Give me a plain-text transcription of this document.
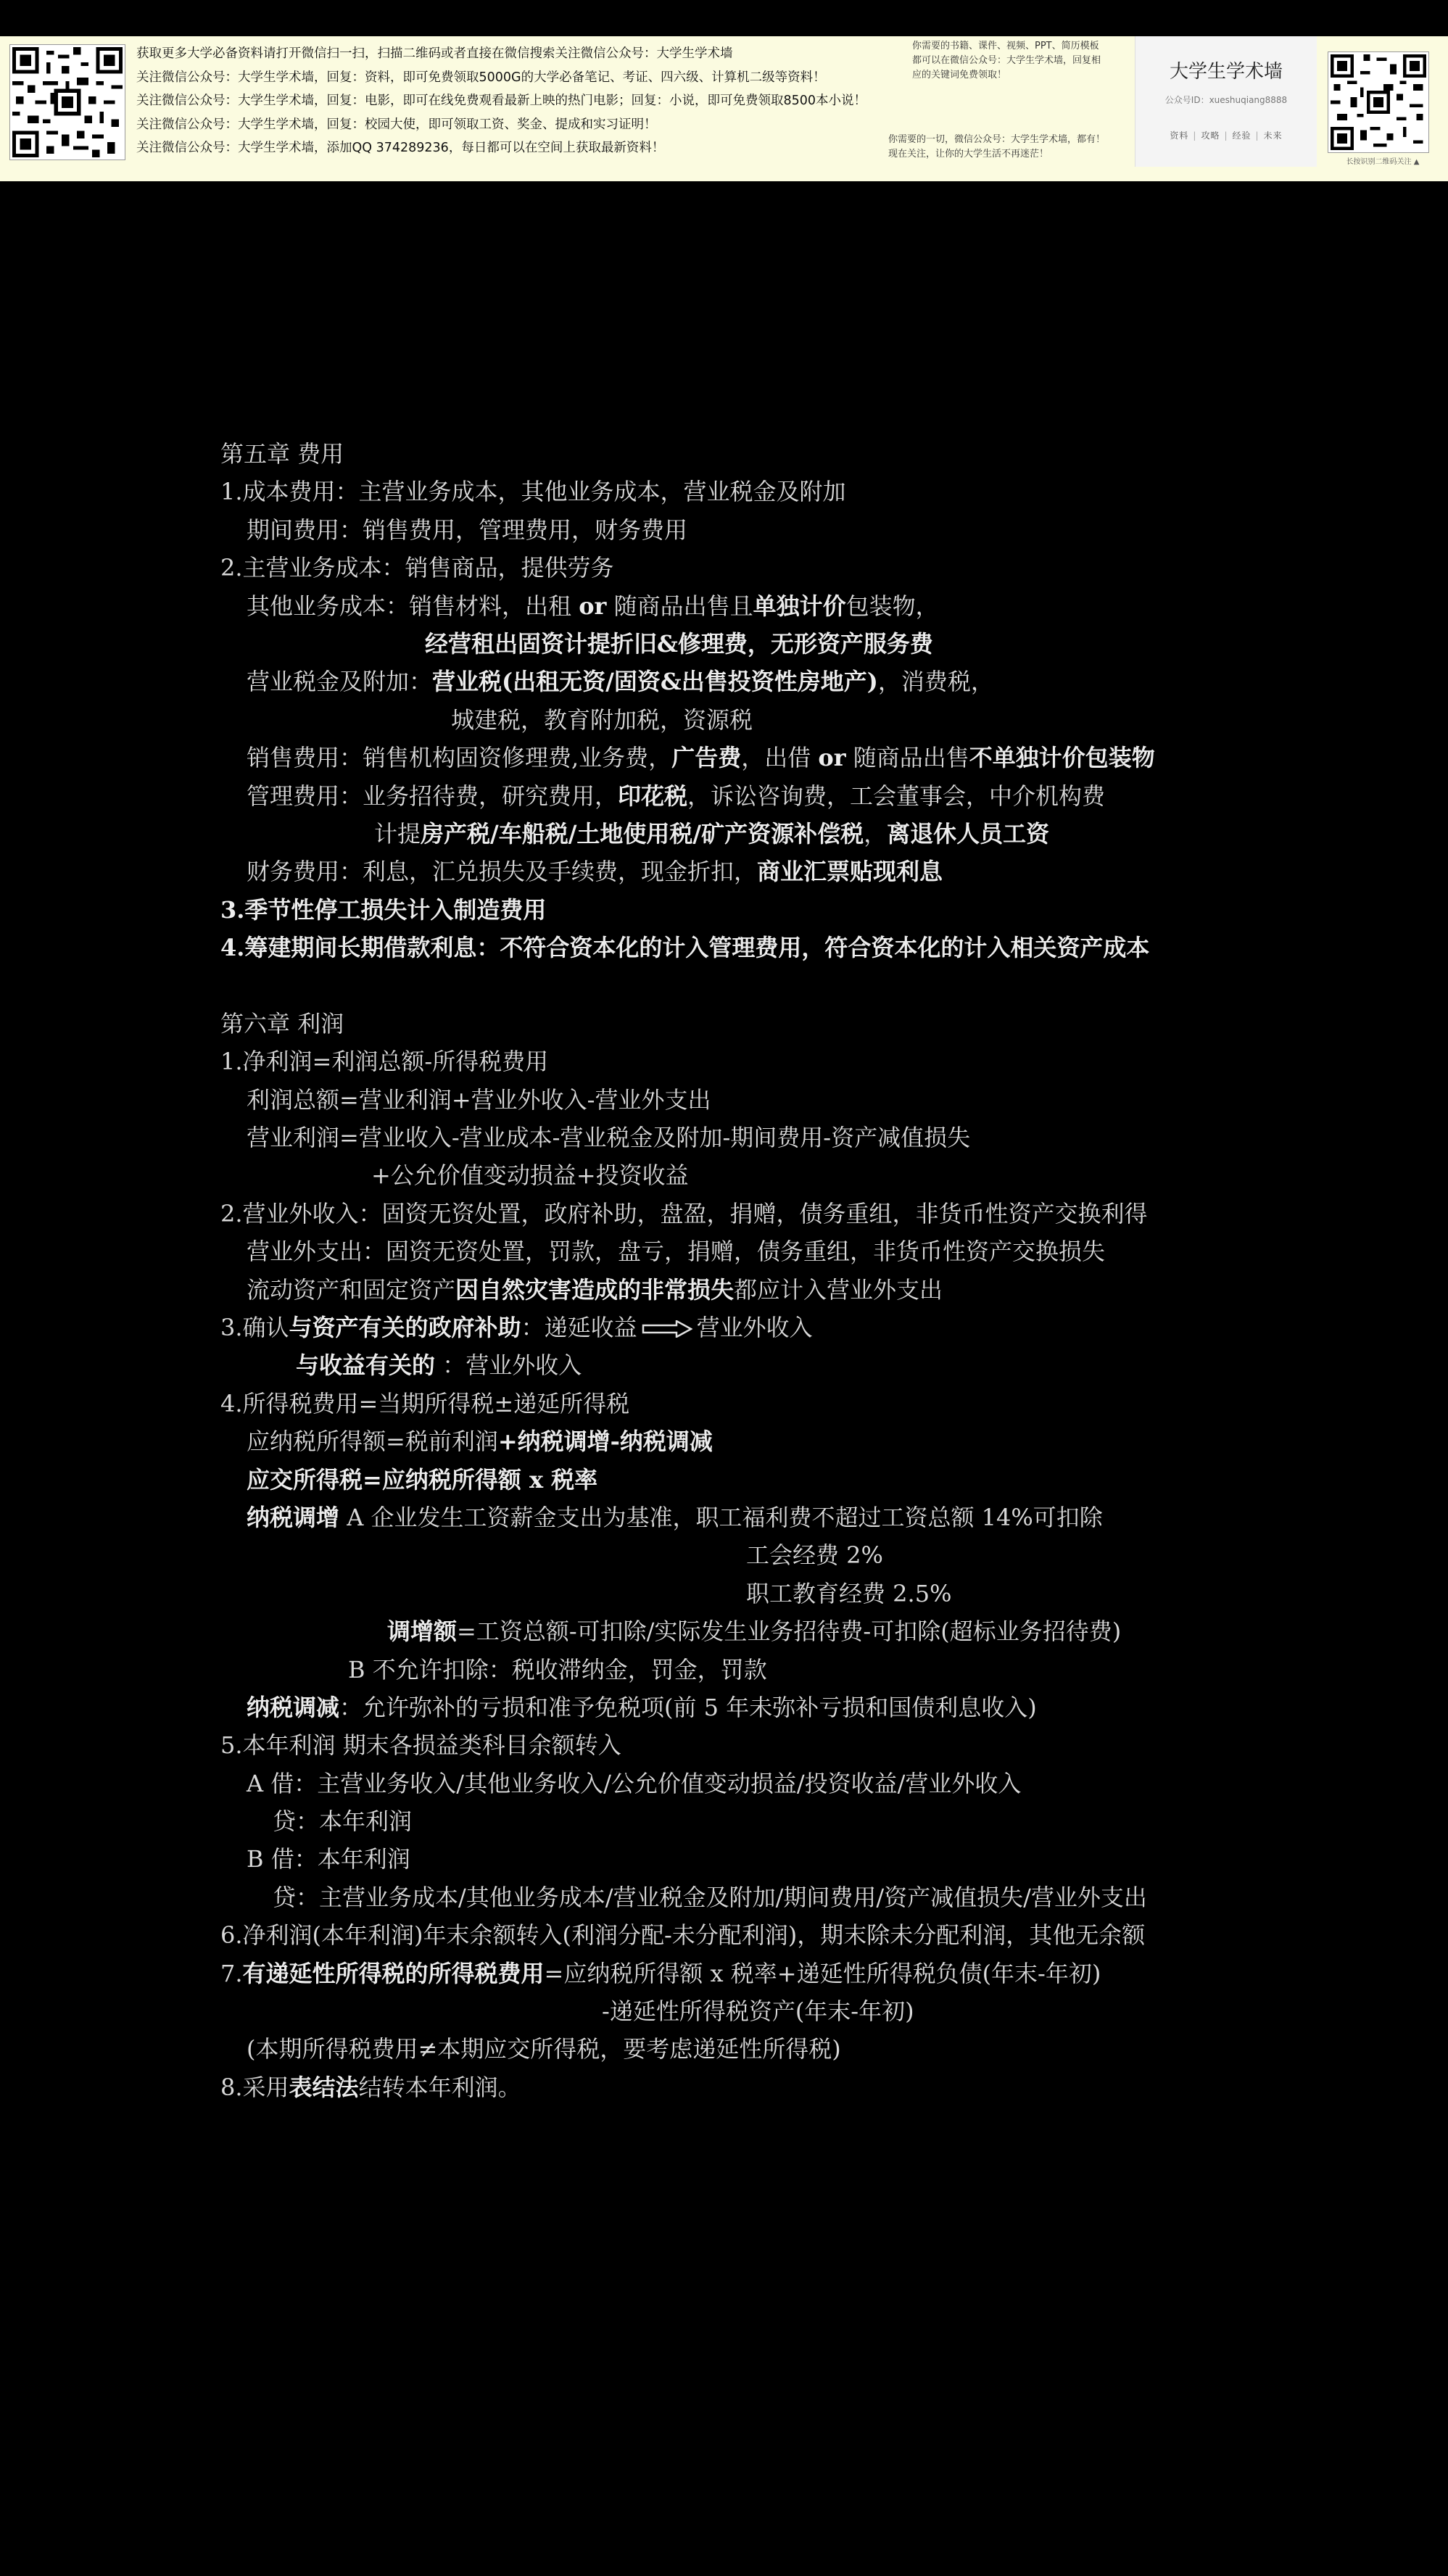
获取更多大学必备资料请打开微信扫一扫，扫描二维码或者直接在微信搜索关注微信公众号：大学生学术墙
关注微信公众号：大学生学术墙，回复：资料，即可免费领取5000G的大学必备笔记、考证、四六级、计算机二级等资料！
关注微信公众号：大学生学术墙，回复：电影，即可在线免费观看最新上映的热门电影；回复：小说，即可免费领取8500本小说！
关注微信公众号：大学生学术墙，回复：校园大使，即可领取工资、奖金、提成和实习证明！
关注微信公众号：大学生学术墙，添加QQ 374289236，每日都可以在空间上获取最新资料！
你需要的书籍、课件、视频、PPT、简历模板
都可以在微信公众号：大学生学术墙，回复相
应的关键词免费领取！
你需要的一切，微信公众号：大学生学术墙，都有！
现在关注，让你的大学生活不再迷茫！
大学生学术墙
公众号ID：xueshuqiang8888
资料 | 攻略 | 经验 | 未来
长按识别二维码关注 ▲
第五章 费用
1.成本费用：主营业务成本，其他业务成本，营业税金及附加
期间费用：销售费用，管理费用，财务费用
2.主营业务成本：销售商品，提供劳务
其他业务成本：销售材料，出租 or 随商品出售且单独计价包装物，
经营租出固资计提折旧&修理费，无形资产服务费
营业税金及附加：营业税(出租无资/固资&出售投资性房地产)，消费税，
城建税，教育附加税，资源税
销售费用：销售机构固资修理费,业务费，广告费，出借 or 随商品出售不单独计价包装物
管理费用：业务招待费，研究费用，印花税，诉讼咨询费，工会董事会，中介机构费
计提房产税/车船税/土地使用税/矿产资源补偿税，离退休人员工资
财务费用：利息，汇兑损失及手续费，现金折扣，商业汇票贴现利息
3.季节性停工损失计入制造费用
4.筹建期间长期借款利息：不符合资本化的计入管理费用，符合资本化的计入相关资产成本
第六章 利润
1.净利润=利润总额-所得税费用
利润总额=营业利润+营业外收入-营业外支出
营业利润=营业收入-营业成本-营业税金及附加-期间费用-资产减值损失
+公允价值变动损益+投资收益
2.营业外收入：固资无资处置，政府补助，盘盈，捐赠，债务重组，非货币性资产交换利得
营业外支出：固资无资处置，罚款，盘亏，捐赠，债务重组，非货币性资产交换损失
流动资产和固定资产因自然灾害造成的非常损失都应计入营业外支出
3.确认与资产有关的政府补助：递延收益	营业外收入
与收益有关的 ：营业外收入
4.所得税费用=当期所得税±递延所得税
应纳税所得额=税前利润+纳税调增-纳税调减
应交所得税=应纳税所得额 x 税率
纳税调增 A 企业发生工资薪金支出为基准，职工福利费不超过工资总额 14%可扣除
工会经费 2%
职工教育经费 2.5%
调增额=工资总额-可扣除/实际发生业务招待费-可扣除(超标业务招待费)
B 不允许扣除：税收滞纳金，罚金，罚款
纳税调减：允许弥补的亏损和准予免税项(前 5 年未弥补亏损和国债利息收入)
5.本年利润 期末各损益类科目余额转入
A 借：主营业务收入/其他业务收入/公允价值变动损益/投资收益/营业外收入
贷：本年利润
B 借：本年利润
贷：主营业务成本/其他业务成本/营业税金及附加/期间费用/资产减值损失/营业外支出
6.净利润(本年利润)年末余额转入(利润分配-未分配利润)，期末除未分配利润，其他无余额
7.有递延性所得税的所得税费用=应纳税所得额 x 税率+递延性所得税负债(年末-年初)
-递延性所得税资产(年末-年初)
(本期所得税费用≠本期应交所得税，要考虑递延性所得税)
8.采用表结法结转本年利润。
